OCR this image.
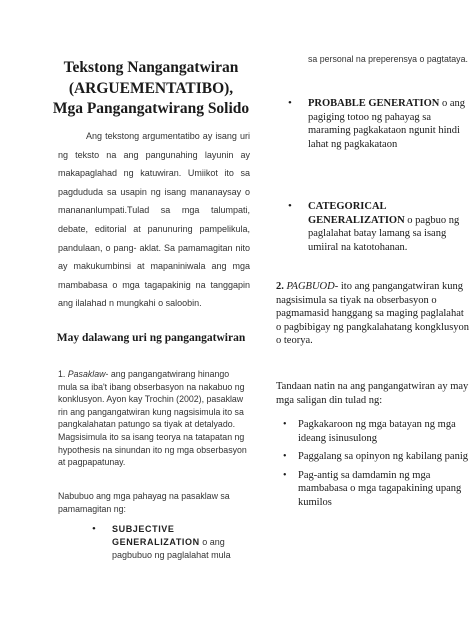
Tekstong Nangangatwiran (ARGUEMENTATIBO), Mga Pangangatwirang Solido
Ang tekstong argumentatibo ay isang uri ng teksto na ang pangunahing layunin ay makapaglahad ng katuwiran. Umiikot ito sa pagdududa sa usapin ng isang mananaysay o manananlumpati.Tulad sa mga talumpati, debate, editorial at panunuring pampelikula, pandulaan, o pang- aklat. Sa pamamagitan nito ay makukumbinsi at mapaniniwala ang mga mambabasa o mga tagapakinig na tanggapin ang ilalahad n mungkahi o saloobin.
May dalawang uri ng pangangatwiran
1. Pasaklaw- ang pangangatwirang hinango mula sa iba't ibang obserbasyon na nakabuo ng konklusyon. Ayon kay Trochin (2002), pasaklaw rin ang pangangatwiran kung nagsisimula ito sa pangkalahatan patungo sa tiyak at detalyado. Magsisimula ito sa isang teorya na tatapatan ng hypothesis na sinundan ito ng mga obserbasyon at pagpapatunay.
Nabubuo ang mga pahayag na pasaklaw sa pamamagitan ng:
• SUBJECTIVE GENERALIZATION o ang pagbubuo ng paglalahat mula
sa personal na preperensya o pagtataya.
• PROBABLE GENERATION o ang pagiging totoo ng pahayag sa maraming pagkakataon ngunit hindi lahat ng pagkakataon
• CATEGORICAL GENERALIZATION o pagbuo ng paglalahat batay lamang sa isang umiiral na katotohanan.
2. PAGBUOD- ito ang pangangatwiran kung nagsisimula sa tiyak na obserbasyon o pagmamasid hanggang sa maging paglalahat o pagbibigay ng pangkalahatang kongklusyon o teorya.
Tandaan natin na ang pangangatwiran ay may mga saligan din tulad ng:
• Pagkakaroon ng mga batayan ng mga ideang isinusulong
• Paggalang sa opinyon ng kabilang panig
• Pag-antig sa damdamin ng mga mambabasa o mga tagapakining upang kumilos
